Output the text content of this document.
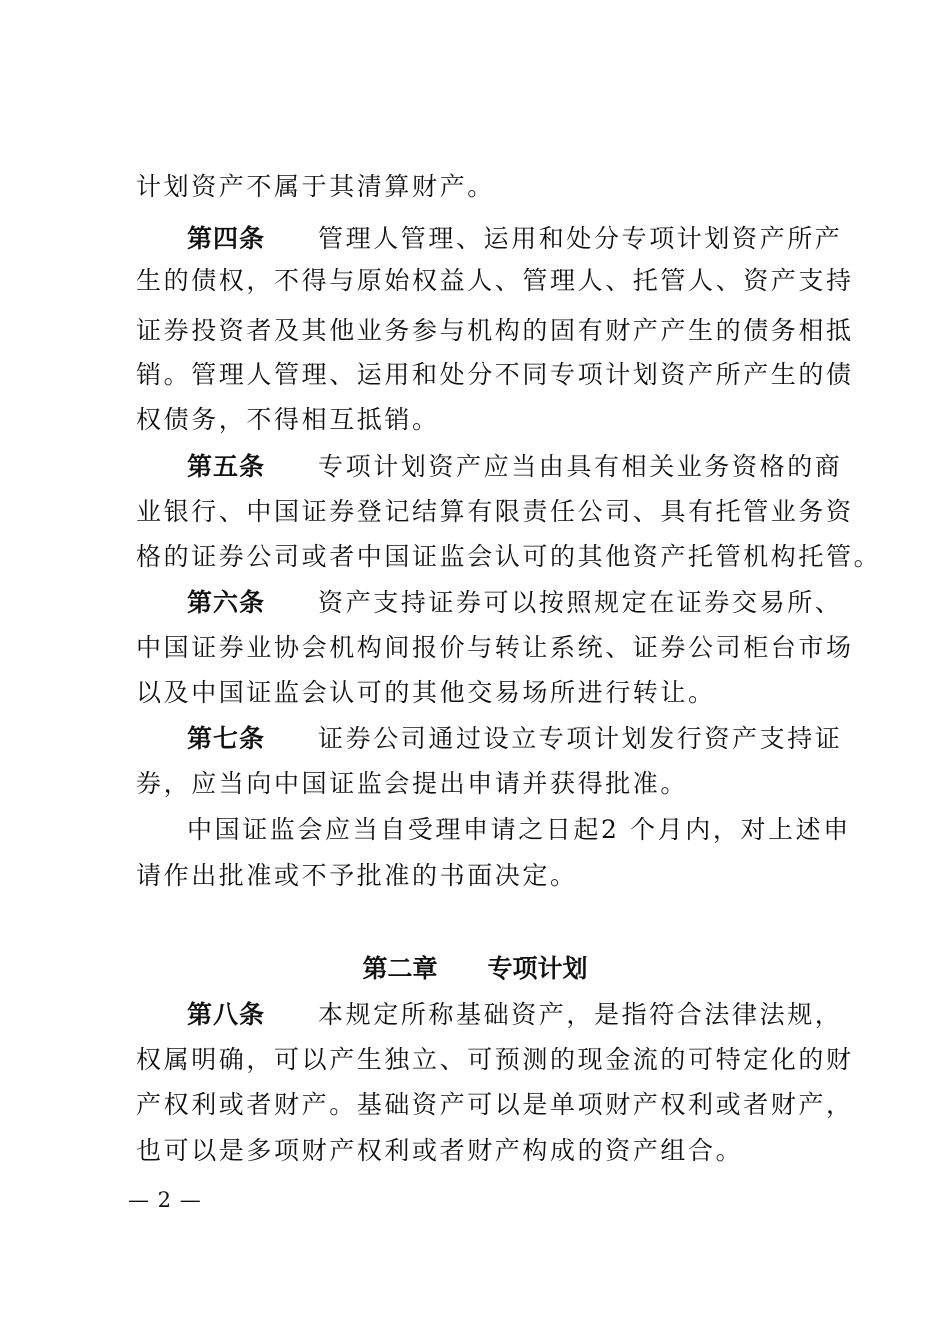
计划资产不属于其清算财产。
第四条 管理人管理、运用和处分专项计划资产所产
生的债权，不得与原始权益人、管理人、托管人、资产支持
证券投资者及其他业务参与机构的固有财产产生的债务相抵
销。管理人管理、运用和处分不同专项计划资产所产生的债
权债务，不得相互抵销。
第五条 专项计划资产应当由具有相关业务资格的商
业银行、中国证券登记结算有限责任公司、具有托管业务资
格的证券公司或者中国证监会认可的其他资产托管机构托管。
第六条 资产支持证券可以按照规定在证券交易所、
中国证券业协会机构间报价与转让系统、证券公司柜台市场
以及中国证监会认可的其他交易场所进行转让。
第七条 证券公司通过设立专项计划发行资产支持证
券，应当向中国证监会提出申请并获得批准。
中国证监会应当自受理申请之日起2 个月内，对上述申
请作出批准或不予批准的书面决定。
第二章 专项计划
第八条 本规定所称基础资产，是指符合法律法规，
权属明确，可以产生独立、可预测的现金流的可特定化的财
产权利或者财产。基础资产可以是单项财产权利或者财产，
也可以是多项财产权利或者财产构成的资产组合。
— 2 —
